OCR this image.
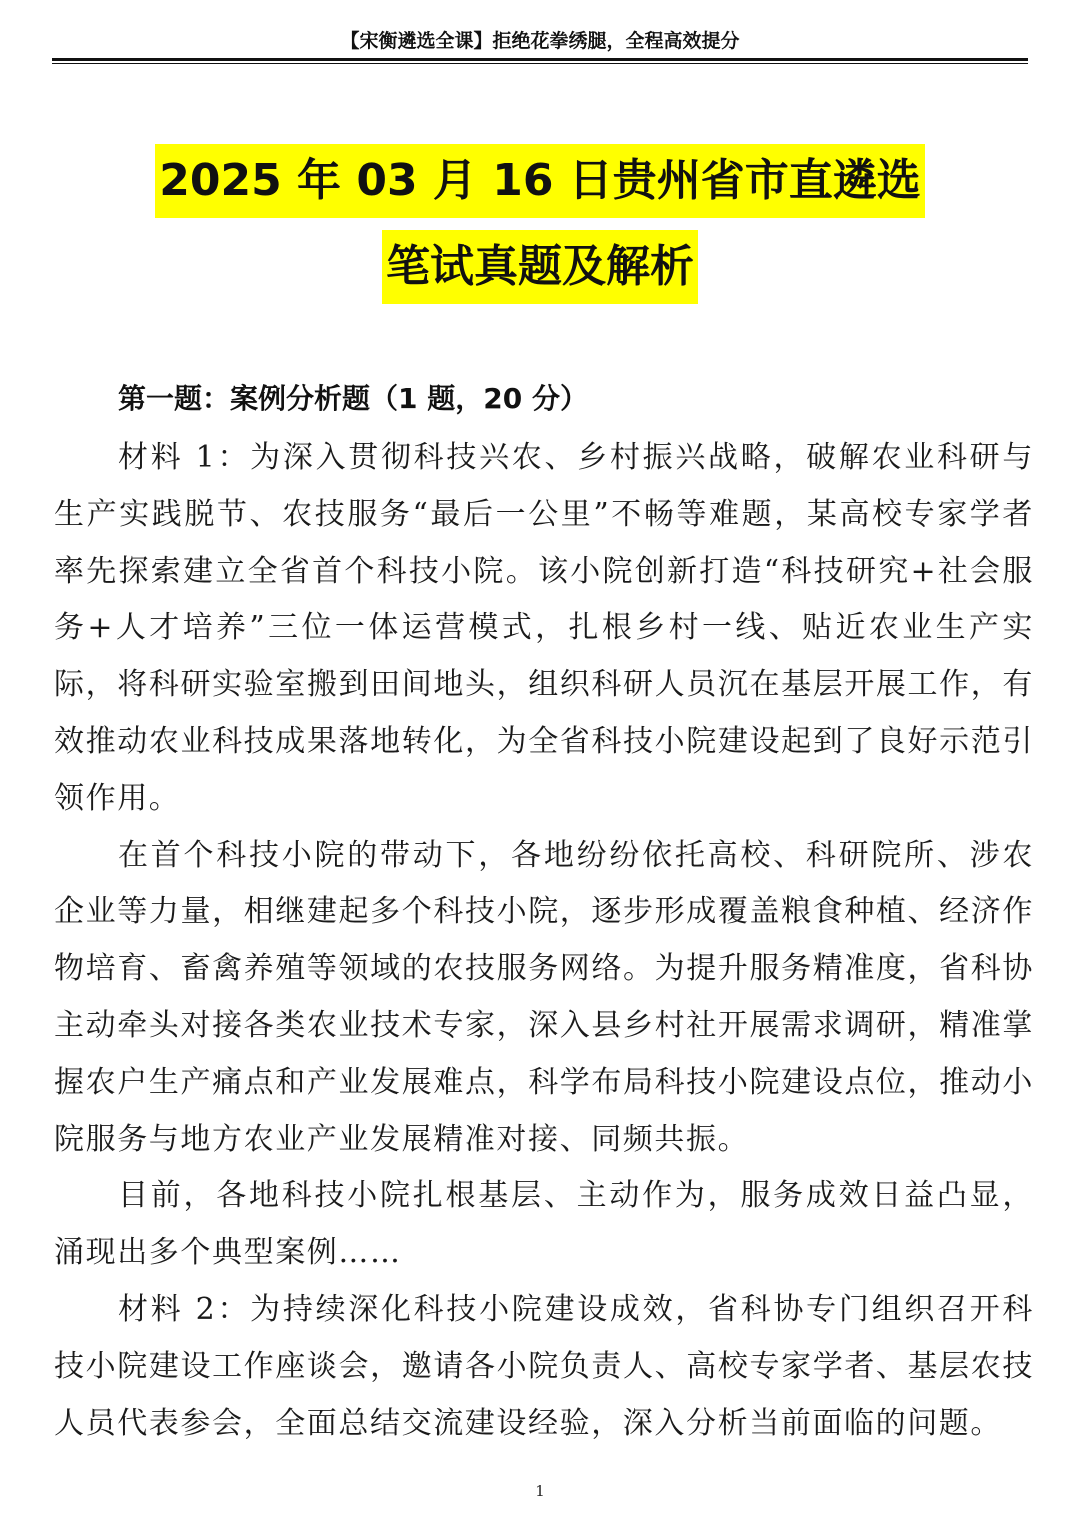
【宋衡遴选全课】拒绝花拳绣腿，全程高效提分
2025 年 03 月 16 日贵州省市直遴选
笔试真题及解析
第一题：案例分析题（1 题，20 分）

材料 1：为深入贯彻科技兴农、乡村振兴战略，破解农业科研与生产实践脱节、农技服务“最后一公里”不畅等难题，某高校专家学者率先探索建立全省首个科技小院。该小院创新打造“科技研究+社会服务+人才培养”三位一体运营模式，扎根乡村一线、贴近农业生产实际，将科研实验室搬到田间地头，组织科研人员沉在基层开展工作，有效推动农业科技成果落地转化，为全省科技小院建设起到了良好示范引领作用。

在首个科技小院的带动下，各地纷纷依托高校、科研院所、涉农企业等力量，相继建起多个科技小院，逐步形成覆盖粮食种植、经济作物培育、畜禽养殖等领域的农技服务网络。为提升服务精准度，省科协主动牵头对接各类农业技术专家，深入县乡村社开展需求调研，精准掌握农户生产痛点和产业发展难点，科学布局科技小院建设点位，推动小院服务与地方农业产业发展精准对接、同频共振。

目前，各地科技小院扎根基层、主动作为，服务成效日益凸显，涌现出多个典型案例……

材料 2：为持续深化科技小院建设成效，省科协专门组织召开科技小院建设工作座谈会，邀请各小院负责人、高校专家学者、基层农技人员代表参会，全面总结交流建设经验，深入分析当前面临的问题。

1
